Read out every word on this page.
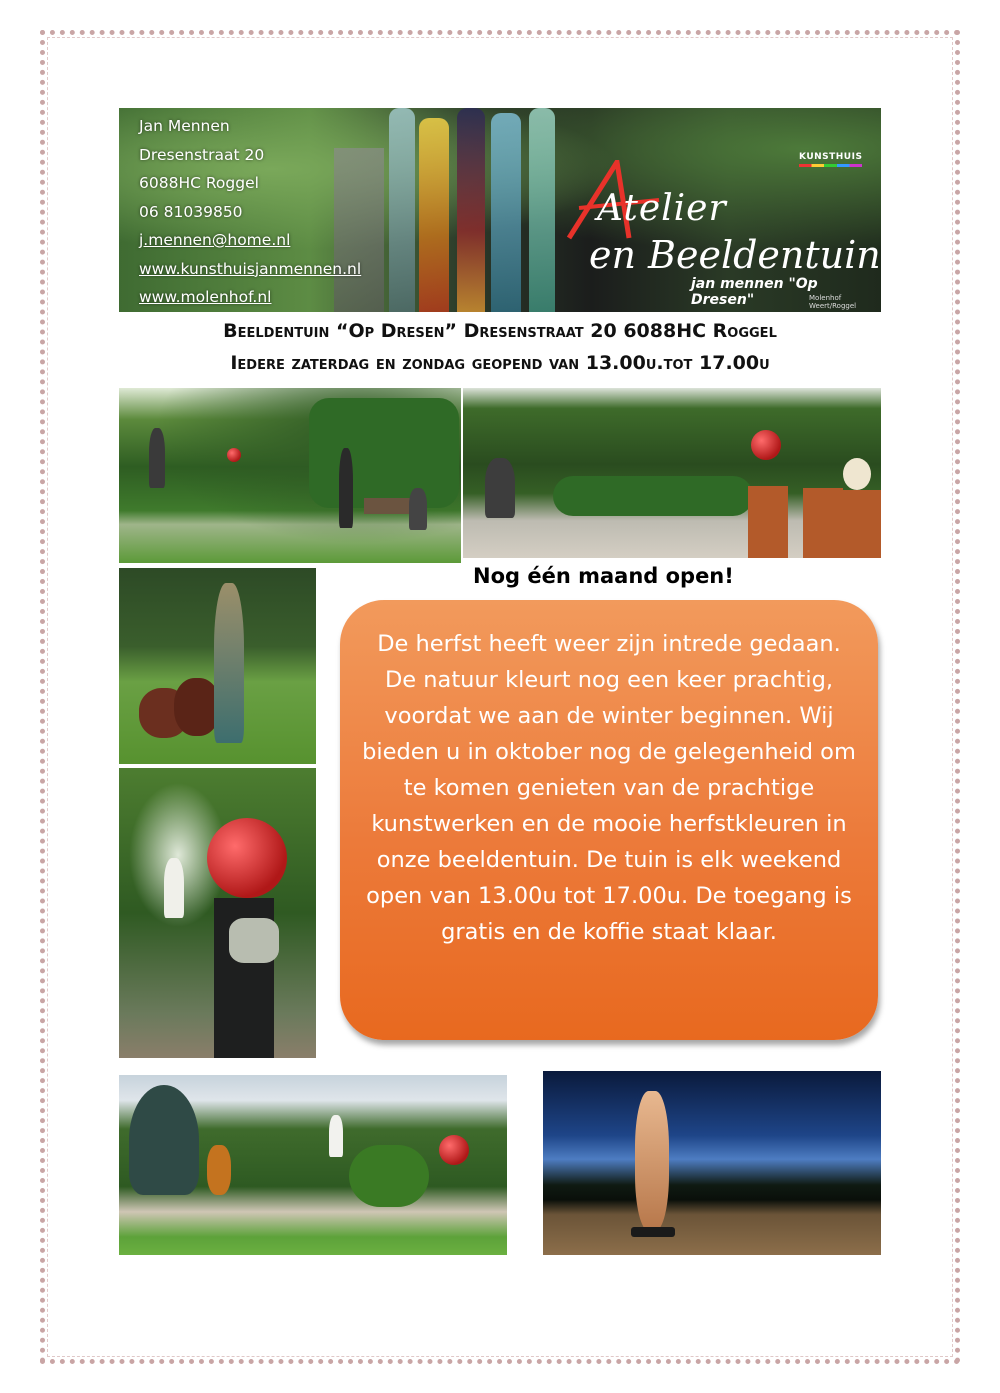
Jan Mennen
Dresenstraat 20
6088HC Roggel
06 81039850
j.mennen@home.nl
www.kunsthuisjanmennen.nl
www.molenhof.nl
Atelier
en Beeldentuin
jan mennen "Op Dresen"	Molenhof Weert/Roggel
KUNSTHUIS
Beeldentuin “Op Dresen” Dresenstraat 20 6088HC Roggel
Iedere zaterdag en zondag geopend van 13.00u.tot 17.00u
Nog één maand open!
De herfst heeft weer zijn intrede gedaan. De natuur kleurt nog een keer prachtig, voordat we aan de winter beginnen. Wij bieden u in oktober nog de gelegenheid om te komen genieten van de prachtige kunstwerken en de mooie herfstkleuren in onze beeldentuin. De tuin is elk weekend open van 13.00u tot 17.00u. De toegang is gratis en de koffie staat klaar.
